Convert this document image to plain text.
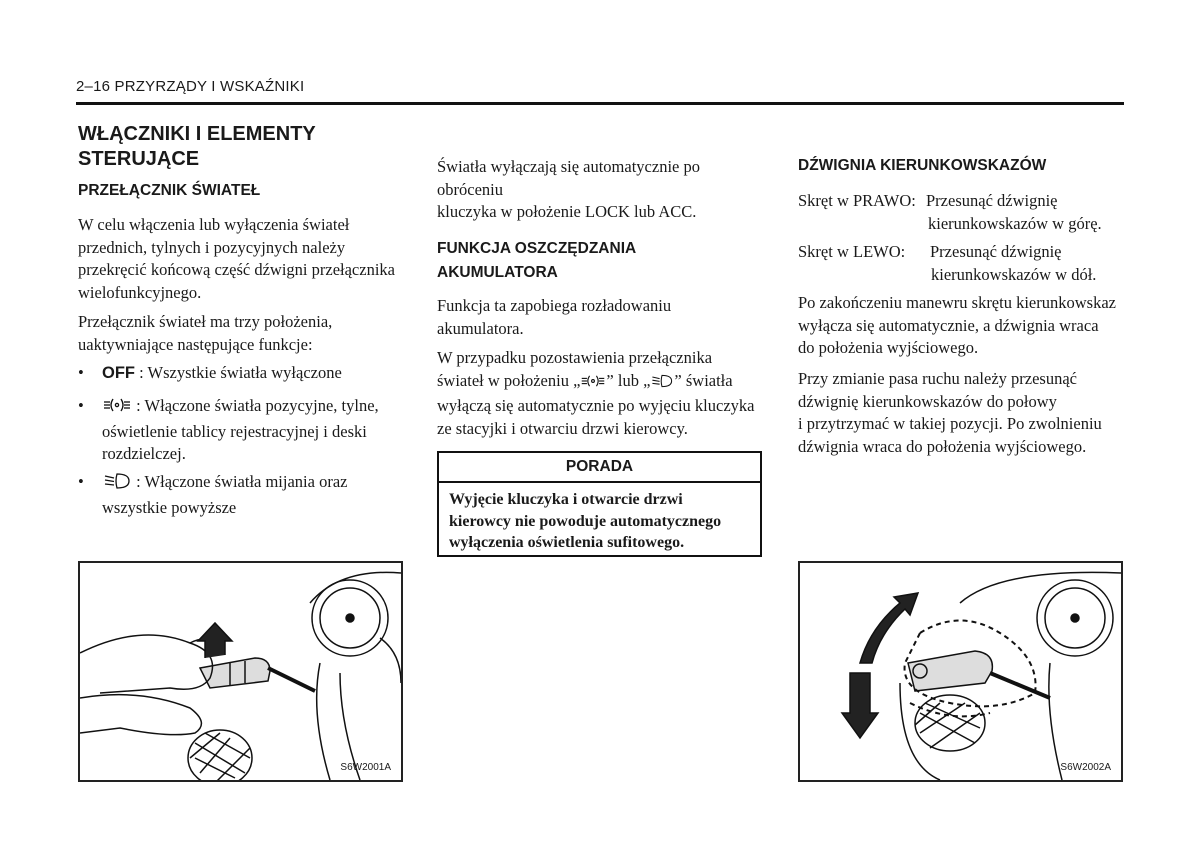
2–16 PRZYRZĄDY I WSKAŹNIKI
WŁĄCZNIKI I ELEMENTY
STERUJĄCE
PRZEŁĄCZNIK ŚWIATEŁ

W celu włączenia lub wyłączenia świateł

przednich, tylnych i pozycyjnych należy

przekręcić końcową część dźwigni przełącznika

wielofunkcyjnego.

Przełącznik świateł ma trzy położenia,

uaktywniające następujące funkcje:

• OFF : Wszystkie światła wyłączone
•	: Włączone światła pozycyjne, tylne,
oświetlenie tablicy rejestracyjnej i deski
rozdzielczej.
•	: Włączone światła mijania oraz
wszystkie powyższe
S6W2001A

Światła wyłączają się automatycznie po obróceniu

kluczyka w położenie LOCK lub ACC.

FUNKCJA OSZCZĘDZANIA
AKUMULATORA

Funkcja ta zapobiega rozładowaniu

akumulatora.

W przypadku pozostawienia przełącznika

świateł w położeniu „ ” lub „ ” światła

wyłączą się automatycznie po wyjęciu kluczyka

ze stacyjki i otwarciu drzwi kierowcy.

PORADA
Wyjęcie kluczyka i otwarcie drzwi
kierowcy nie powoduje automatycznego
wyłączenia oświetlenia sufitowego.
DŹWIGNIA KIERUNKOWSKAZÓW
Skręt w PRAWO: Przesunąć dźwignię

kierunkowskazów w górę.
Skręt w LEWO: Przesunąć dźwignię

kierunkowskazów w dół.

Po zakończeniu manewru skrętu kierunkowskaz

wyłącza się automatycznie, a dźwignia wraca

do położenia wyjściowego.

Przy zmianie pasa ruchu należy przesunąć

dźwignię kierunkowskazów do połowy

i przytrzymać w takiej pozycji. Po zwolnieniu

dźwignia wraca do położenia wyjściowego.

S6W2002A
